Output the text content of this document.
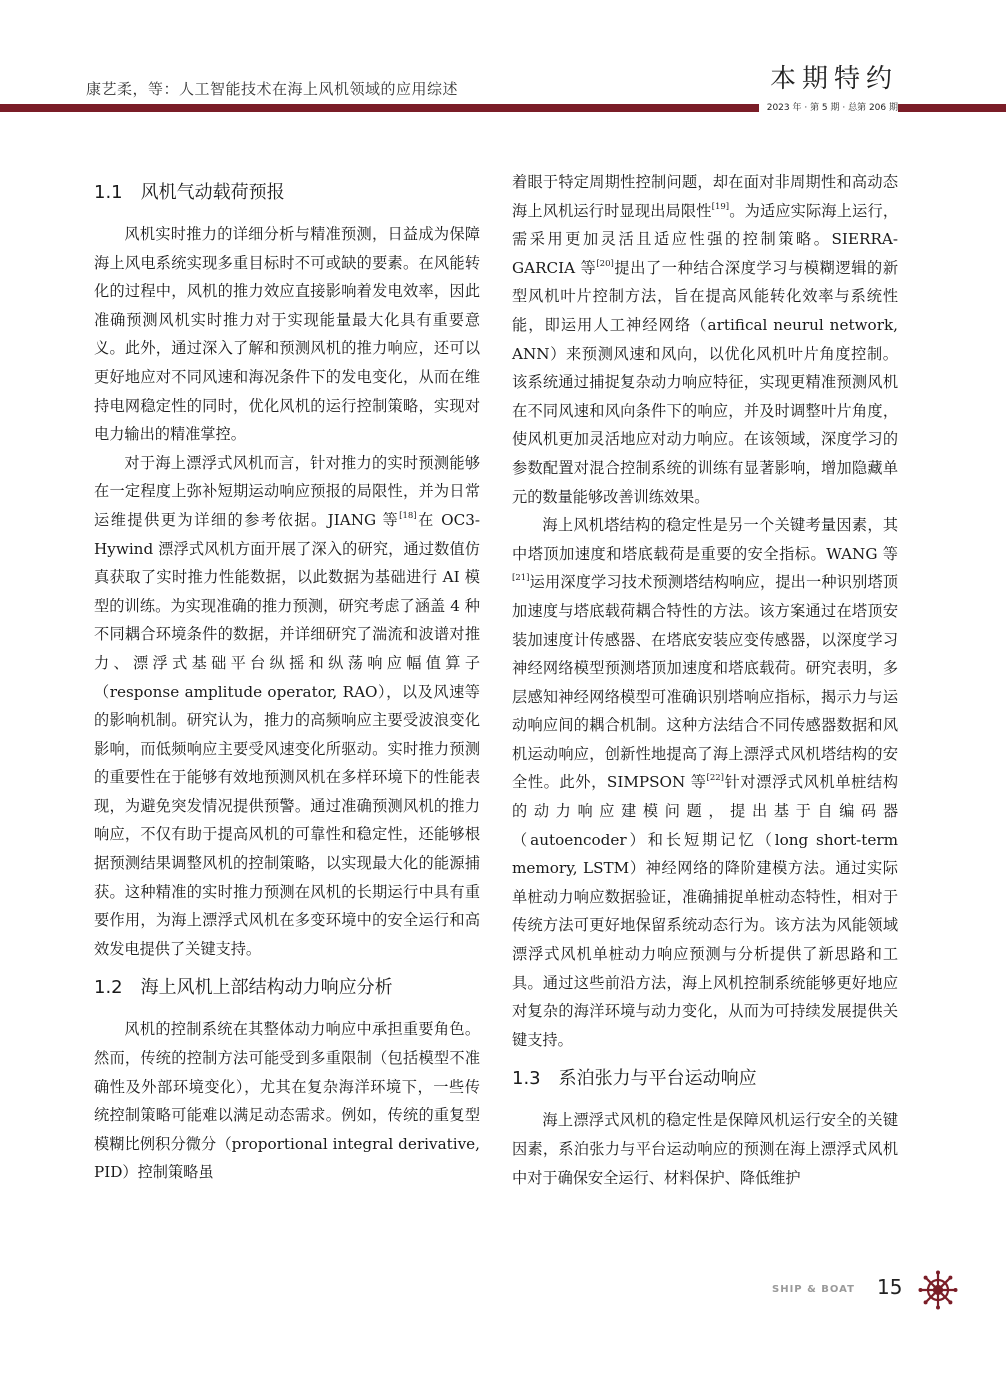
康艺柔，等：人工智能技术在海上风机领域的应用综述	本期特约
2023 年 · 第 5 期 · 总第 206 期
1.1 风机气动载荷预报

风机实时推力的详细分析与精准预测，日益成为保障海上风电系统实现多重目标时不可或缺的要素。在风能转化的过程中，风机的推力效应直接影响着发电效率，因此准确预测风机实时推力对于实现能量最大化具有重要意义。此外，通过深入了解和预测风机的推力响应，还可以更好地应对不同风速和海况条件下的发电变化，从而在维持电网稳定性的同时，优化风机的运行控制策略，实现对电力输出的精准掌控。

对于海上漂浮式风机而言，针对推力的实时预测能够在一定程度上弥补短期运动响应预报的局限性，并为日常运维提供更为详细的参考依据。JIANG 等[18]在 OC3-Hywind 漂浮式风机方面开展了深入的研究，通过数值仿真获取了实时推力性能数据，以此数据为基础进行 AI 模型的训练。为实现准确的推力预测，研究考虑了涵盖 4 种不同耦合环境条件的数据，并详细研究了湍流和波谱对推力、漂浮式基础平台纵摇和纵荡响应幅值算子（response amplitude operator, RAO），以及风速等的影响机制。研究认为，推力的高频响应主要受波浪变化影响，而低频响应主要受风速变化所驱动。实时推力预测的重要性在于能够有效地预测风机在多样环境下的性能表现，为避免突发情况提供预警。通过准确预测风机的推力响应，不仅有助于提高风机的可靠性和稳定性，还能够根据预测结果调整风机的控制策略，以实现最大化的能源捕获。这种精准的实时推力预测在风机的长期运行中具有重要作用，为海上漂浮式风机在多变环境中的安全运行和高效发电提供了关键支持。

1.2 海上风机上部结构动力响应分析

风机的控制系统在其整体动力响应中承担重要角色。然而，传统的控制方法可能受到多重限制（包括模型不准确性及外部环境变化），尤其在复杂海洋环境下，一些传统控制策略可能难以满足动态需求。例如，传统的重复型模糊比例积分微分（proportional integral derivative, PID）控制策略虽

着眼于特定周期性控制问题，却在面对非周期性和高动态海上风机运行时显现出局限性[19]。为适应实际海上运行，需采用更加灵活且适应性强的控制策略。SIERRA-GARCIA 等[20]提出了一种结合深度学习与模糊逻辑的新型风机叶片控制方法，旨在提高风能转化效率与系统性能，即运用人工神经网络（artifical neurul network, ANN）来预测风速和风向，以优化风机叶片角度控制。该系统通过捕捉复杂动力响应特征，实现更精准预测风机在不同风速和风向条件下的响应，并及时调整叶片角度，使风机更加灵活地应对动力响应。在该领域，深度学习的参数配置对混合控制系统的训练有显著影响，增加隐藏单元的数量能够改善训练效果。

海上风机塔结构的稳定性是另一个关键考量因素，其中塔顶加速度和塔底载荷是重要的安全指标。WANG 等[21]运用深度学习技术预测塔结构响应，提出一种识别塔顶加速度与塔底载荷耦合特性的方法。该方案通过在塔顶安装加速度计传感器、在塔底安装应变传感器，以深度学习神经网络模型预测塔顶加速度和塔底载荷。研究表明，多层感知神经网络模型可准确识别塔响应指标，揭示力与运动响应间的耦合机制。这种方法结合不同传感器数据和风机运动响应，创新性地提高了海上漂浮式风机塔结构的安全性。此外，SIMPSON 等[22]针对漂浮式风机单桩结构的动力响应建模问题，提出基于自编码器（autoencoder）和长短期记忆（long short-term memory, LSTM）神经网络的降阶建模方法。通过实际单桩动力响应数据验证，准确捕捉单桩动态特性，相对于传统方法可更好地保留系统动态行为。该方法为风能领域漂浮式风机单桩动力响应预测与分析提供了新思路和工具。通过这些前沿方法，海上风机控制系统能够更好地应对复杂的海洋环境与动力变化，从而为可持续发展提供关键支持。

1.3 系泊张力与平台运动响应

海上漂浮式风机的稳定性是保障风机运行安全的关键因素，系泊张力与平台运动响应的预测在海上漂浮式风机中对于确保安全运行、材料保护、降低维护

SHIP & BOAT 15
